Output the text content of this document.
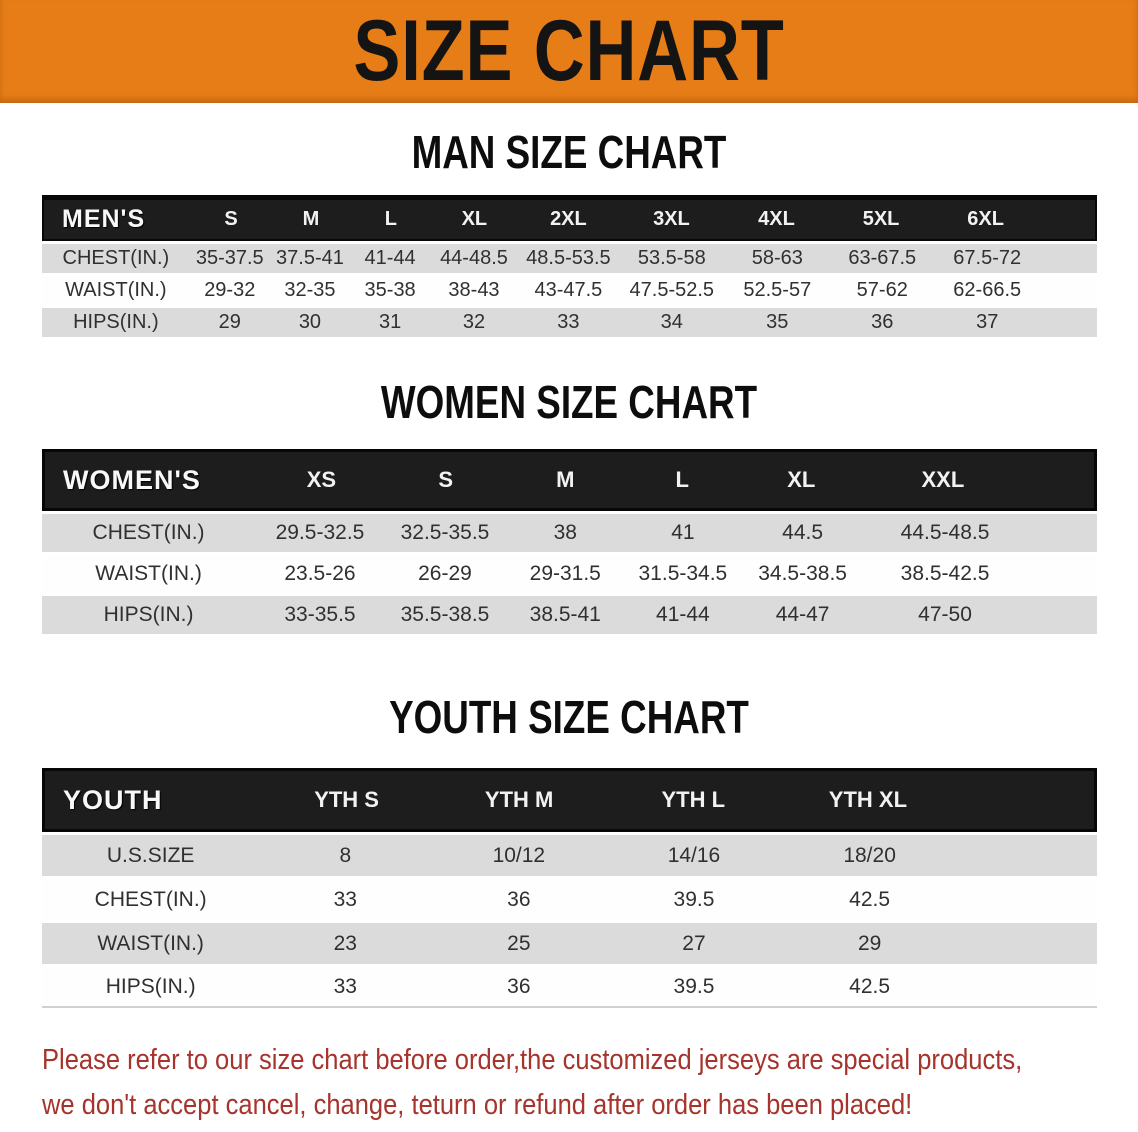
SIZE CHART
MAN SIZE CHART
MEN'S	S	M	L	XL	2XL	3XL	4XL	5XL	6XL
CHEST(IN.)	35-37.5 37.5-41	41-44	44-48.5 48.5-53.5	53.5-58	58-63	63-67.5	67.5-72
WAIST(IN.)	29-32	32-35	35-38	38-43	43-47.5	47.5-52.5	52.5-57	57-62	62-66.5
HIPS(IN.)	29	30	31	32	33	34	35	36	37
WOMEN SIZE CHART
WOMEN'S	XS	S	M	L	XL	XXL
CHEST(IN.)	29.5-32.5	32.5-35.5	38	41	44.5	44.5-48.5
WAIST(IN.)	23.5-26	26-29	29-31.5	31.5-34.5	34.5-38.5	38.5-42.5
HIPS(IN.)	33-35.5	35.5-38.5	38.5-41	41-44	44-47	47-50
YOUTH SIZE CHART
YOUTH	YTH S	YTH M	YTH L	YTH XL
U.S.SIZE	8	10/12	14/16	18/20
CHEST(IN.)	33	36	39.5	42.5
WAIST(IN.)	23	25	27	29
HIPS(IN.)	33	36	39.5	42.5

Please refer to our size chart before order,the customized jerseys are special products,

we don't accept cancel, change, teturn or refund after order has been placed!
